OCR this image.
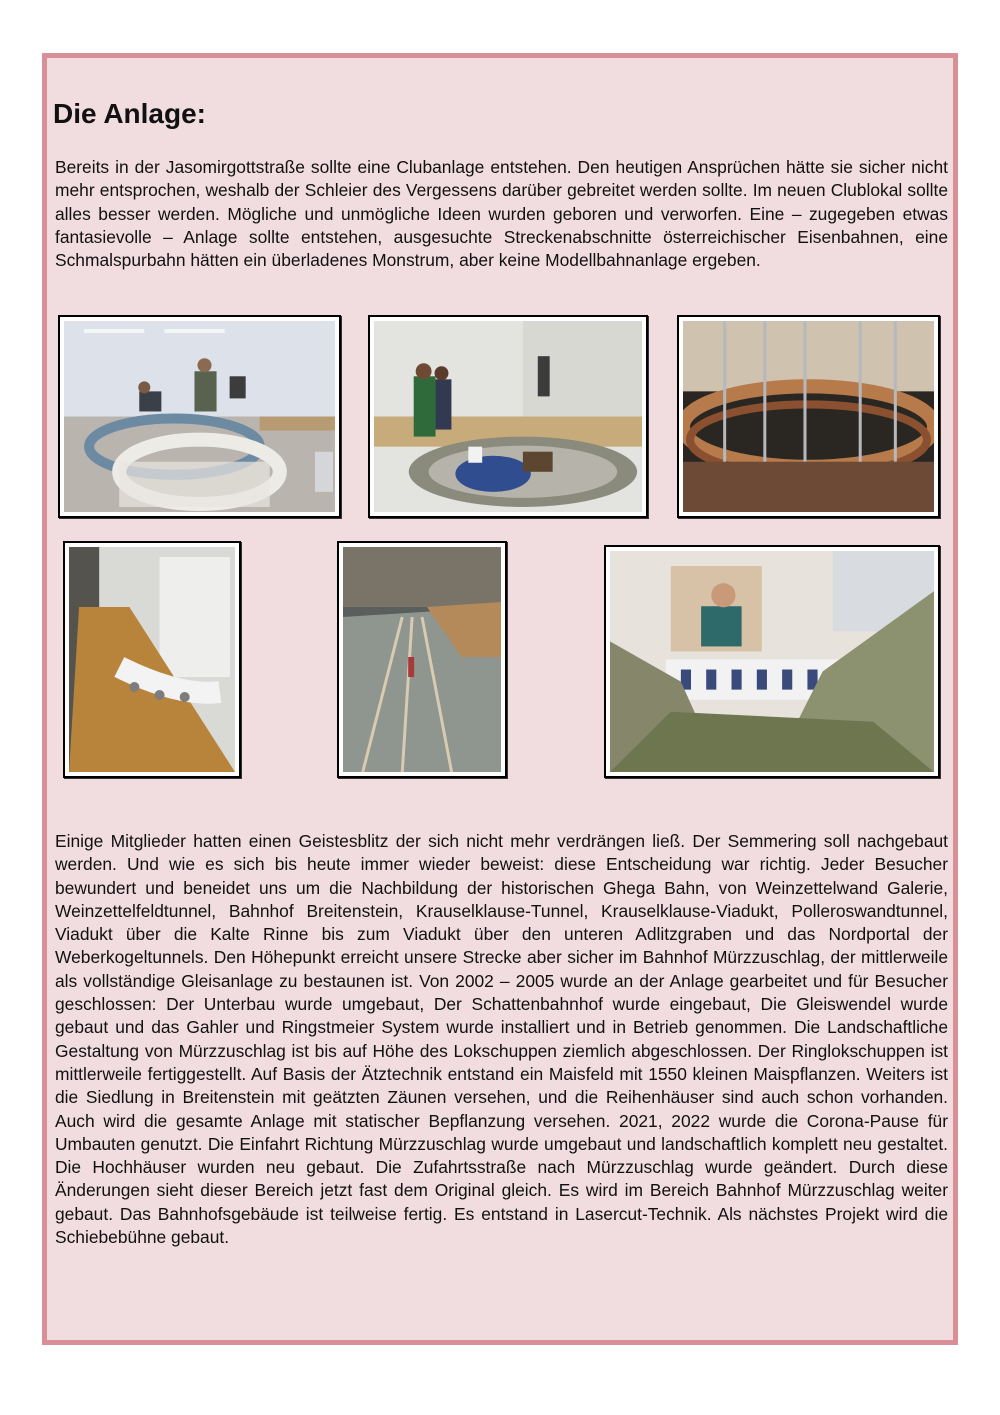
Die Anlage:

Bereits in der Jasomirgottstraße sollte eine Clubanlage entstehen. Den heutigen Ansprüchen hätte sie sicher nicht mehr entsprochen, weshalb der Schleier des Vergessens darüber gebreitet werden sollte. Im neuen Clublokal sollte alles besser werden. Mögliche und unmögliche Ideen wurden geboren und verworfen. Eine – zugegeben etwas fantasievolle – Anlage sollte entstehen, ausgesuchte Streckenabschnitte österreichischer Eisenbahnen, eine Schmalspurbahn hätten ein überladenes Monstrum, aber keine Modellbahnanlage ergeben.

Einige Mitglieder hatten einen Geistesblitz der sich nicht mehr verdrängen ließ. Der Semmering soll nachgebaut werden. Und wie es sich bis heute immer wieder beweist: diese Entscheidung war richtig. Jeder Besucher bewundert und beneidet uns um die Nachbildung der historischen Ghega Bahn, von Weinzettelwand Galerie, Weinzettelfeldtunnel, Bahnhof Breitenstein, Krauselklause-Tunnel, Krauselklause-Viadukt, Polleroswandtunnel, Viadukt über die Kalte Rinne bis zum Viadukt über den unteren Adlitzgraben und das Nordportal der Weberkogeltunnels. Den Höhepunkt erreicht unsere Strecke aber sicher im Bahnhof Mürzzuschlag, der mittlerweile als vollständige Gleisanlage zu bestaunen ist. Von 2002 – 2005 wurde an der Anlage gearbeitet und für Besucher geschlossen: Der Unterbau wurde umgebaut, Der Schattenbahnhof wurde eingebaut, Die Gleiswendel wurde gebaut und das Gahler und Ringstmeier System wurde installiert und in Betrieb genommen. Die Landschaftliche Gestaltung von Mürzzuschlag ist bis auf Höhe des Lokschuppen ziemlich abgeschlossen. Der Ringlokschuppen ist mittlerweile fertiggestellt. Auf Basis der Ätztechnik entstand ein Maisfeld mit 1550 kleinen Maispflanzen. Weiters ist die Siedlung in Breitenstein mit geätzten Zäunen versehen, und die Reihenhäuser sind auch schon vorhanden. Auch wird die gesamte Anlage mit statischer Bepflanzung versehen. 2021, 2022 wurde die Corona-Pause für Umbauten genutzt. Die Einfahrt Richtung Mürzzuschlag wurde umgebaut und landschaftlich komplett neu gestaltet. Die Hochhäuser wurden neu gebaut. Die Zufahrtsstraße nach Mürzzuschlag wurde geändert. Durch diese Änderungen sieht dieser Bereich jetzt fast dem Original gleich. Es wird im Bereich Bahnhof Mürzzuschlag weiter gebaut. Das Bahnhofsgebäude ist teilweise fertig. Es entstand in Lasercut-Technik. Als nächstes Projekt wird die Schiebebühne gebaut.
